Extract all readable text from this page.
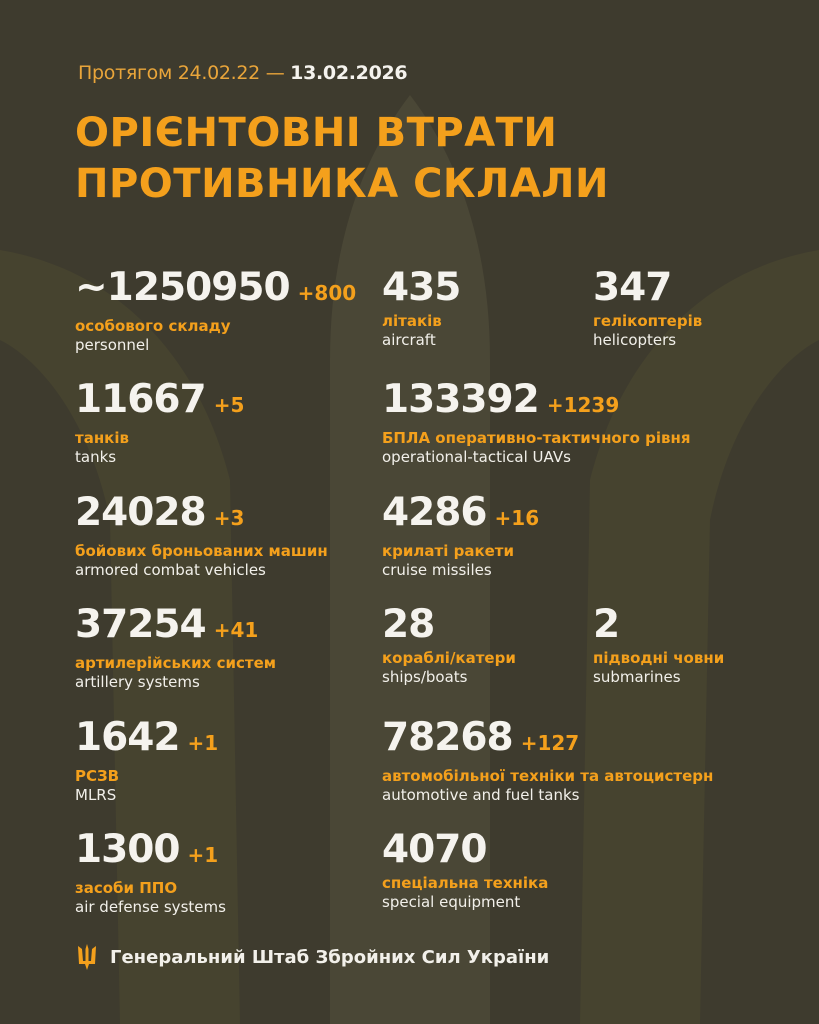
Протягом 24.02.22 — 13.02.2026
ОРІЄНТОВНІ ВТРАТИ
ПРОТИВНИКА СКЛАЛИ
~1250950 +800
особового складу
personnel
435
літаків
aircraft
347
гелікоптерів
helicopters
11667 +5
танків
tanks
133392 +1239
БПЛА оперативно-тактичного рівня
operational-tactical UAVs
24028 +3
бойових броньованих машин
armored combat vehicles
4286 +16
крилаті ракети
cruise missiles
37254 +41
артилерійських систем
artillery systems
28
кораблі/катери
ships/boats
2
підводні човни
submarines
1642 +1
РСЗВ
MLRS
78268 +127
автомобільної техніки та автоцистерн
automotive and fuel tanks
1300 +1
засоби ППО
air defense systems
4070
спеціальна техніка
special equipment
Генеральний Штаб Збройних Сил України
